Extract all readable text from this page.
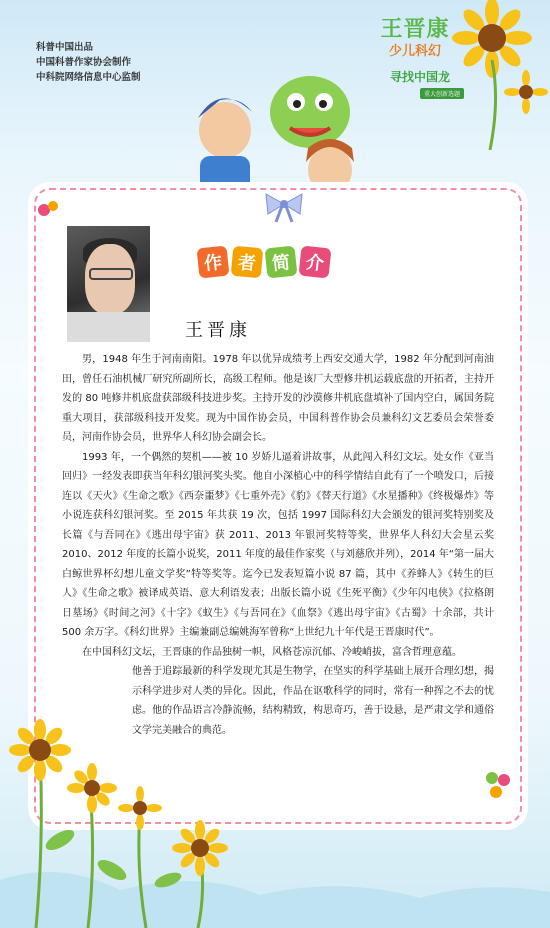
科普中国出品
中国科普作家协会制作
中科院网络信息中心监制
王晋康
少儿科幻
寻找中国龙
重大创新选题
作 者 简 介
王晋康

男，1948 年生于河南南阳。1978 年以优异成绩考上西安交通大学，1982 年分配到河南油田，曾任石油机械厂研究所副所长，高级工程师。他是该厂大型修井机运载底盘的开拓者，主持开发的 80 吨修井机底盘获部级科技进步奖。主持开发的沙漠修井机底盘填补了国内空白，属国务院重大项目，获部级科技开发奖。现为中国作协会员，中国科普作协会员兼科幻文艺委员会荣誉委员，河南作协会员，世界华人科幻协会副会长。

1993 年，一个偶然的契机——被 10 岁娇儿逼着讲故事，从此闯入科幻文坛。处女作《亚当回归》一经发表即获当年科幻银河奖头奖。他自小深植心中的科学情结自此有了一个喷发口，后接连以《天火》《生命之歌》《西奈噩梦》《七重外壳》《豹》《替天行道》《水星播种》《终极爆炸》等小说连获科幻银河奖。至 2015 年共获 19 次，包括 1997 国际科幻大会颁发的银河奖特别奖及长篇《与吾同在》《逃出母宇宙》获 2011、2013 年银河奖特等奖，世界华人科幻大会星云奖 2010、2012 年度的长篇小说奖，2011 年度的最佳作家奖（与刘慈欣并列），2014 年“第一届大白鲸世界杯幻想儿童文学奖”特等奖等。迄今已发表短篇小说 87 篇，其中《养蜂人》《转生的巨人》《生命之歌》被译成英语、意大利语发表；出版长篇小说《生死平衡》《少年闪电侠》《拉格朗日墓场》《时间之河》《十字》《蚁生》《与吾同在》《血祭》《逃出母宇宙》《古蜀》十余部，共计 500 余万字。《科幻世界》主编兼副总编姚海军曾称“上世纪九十年代是王晋康时代”。

在中国科幻文坛，王晋康的作品独树一帜，风格苍凉沉郁、冷峻峭拔，富含哲理意蕴。

他善于追踪最新的科学发现尤其是生物学，在坚实的科学基础上展开合理幻想，揭示科学进步对人类的异化。因此，作品在讴歌科学的同时，常有一种挥之不去的忧虑。他的作品语言冷静流畅，结构精致，构思奇巧，善于设悬，是严肃文学和通俗文学完美融合的典范。
